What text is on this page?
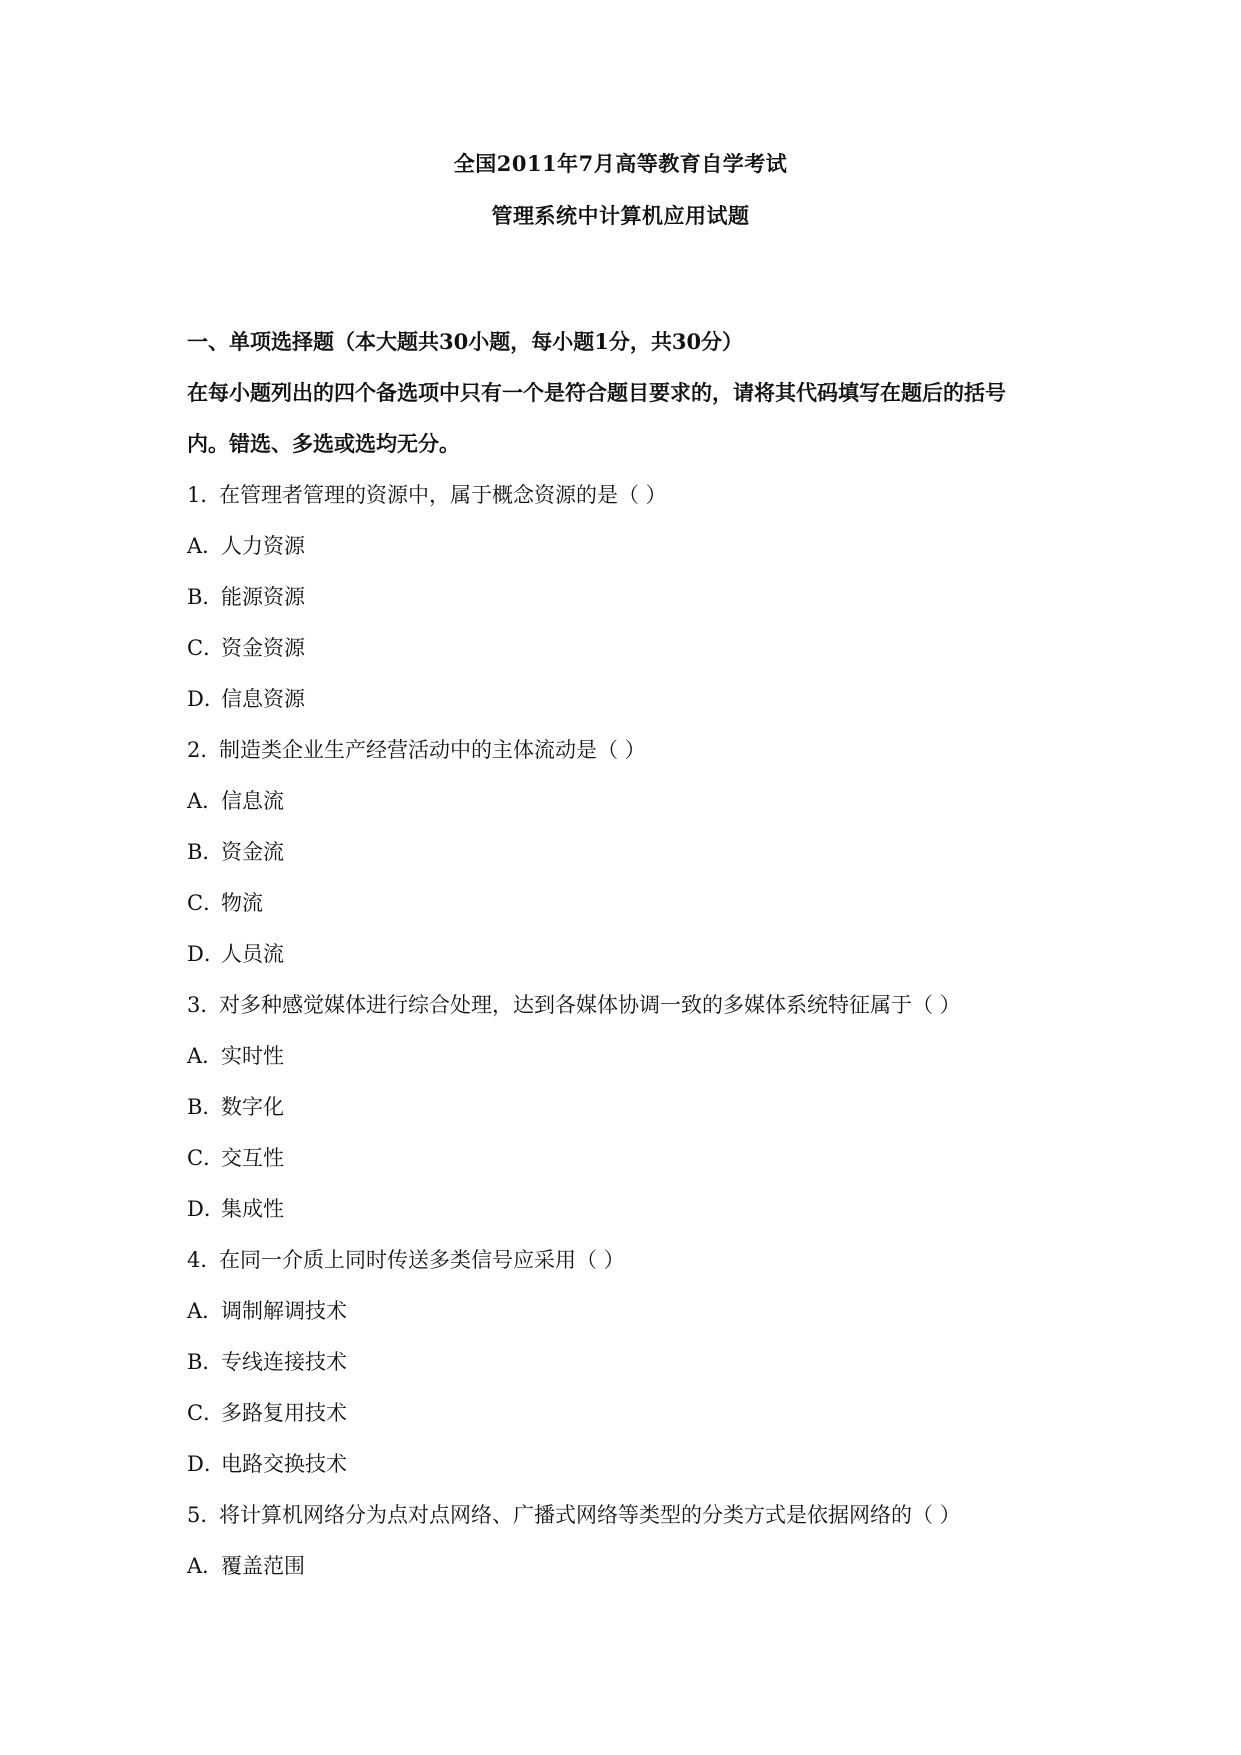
全国2011年7月高等教育自学考试
管理系统中计算机应用试题
一、单项选择题（本大题共30小题，每小题1分，共30分）
在每小题列出的四个备选项中只有一个是符合题目要求的，请将其代码填写在题后的括号
内。错选、多选或选均无分。
1．在管理者管理的资源中，属于概念资源的是（ ）
A．人力资源
B．能源资源
C．资金资源
D．信息资源
2．制造类企业生产经营活动中的主体流动是（ ）
A．信息流
B．资金流
C．物流
D．人员流
3．对多种感觉媒体进行综合处理，达到各媒体协调一致的多媒体系统特征属于（ ）
A．实时性
B．数字化
C．交互性
D．集成性
4．在同一介质上同时传送多类信号应采用（ ）
A．调制解调技术
B．专线连接技术
C．多路复用技术
D．电路交换技术
5．将计算机网络分为点对点网络、广播式网络等类型的分类方式是依据网络的（ ）
A．覆盖范围
